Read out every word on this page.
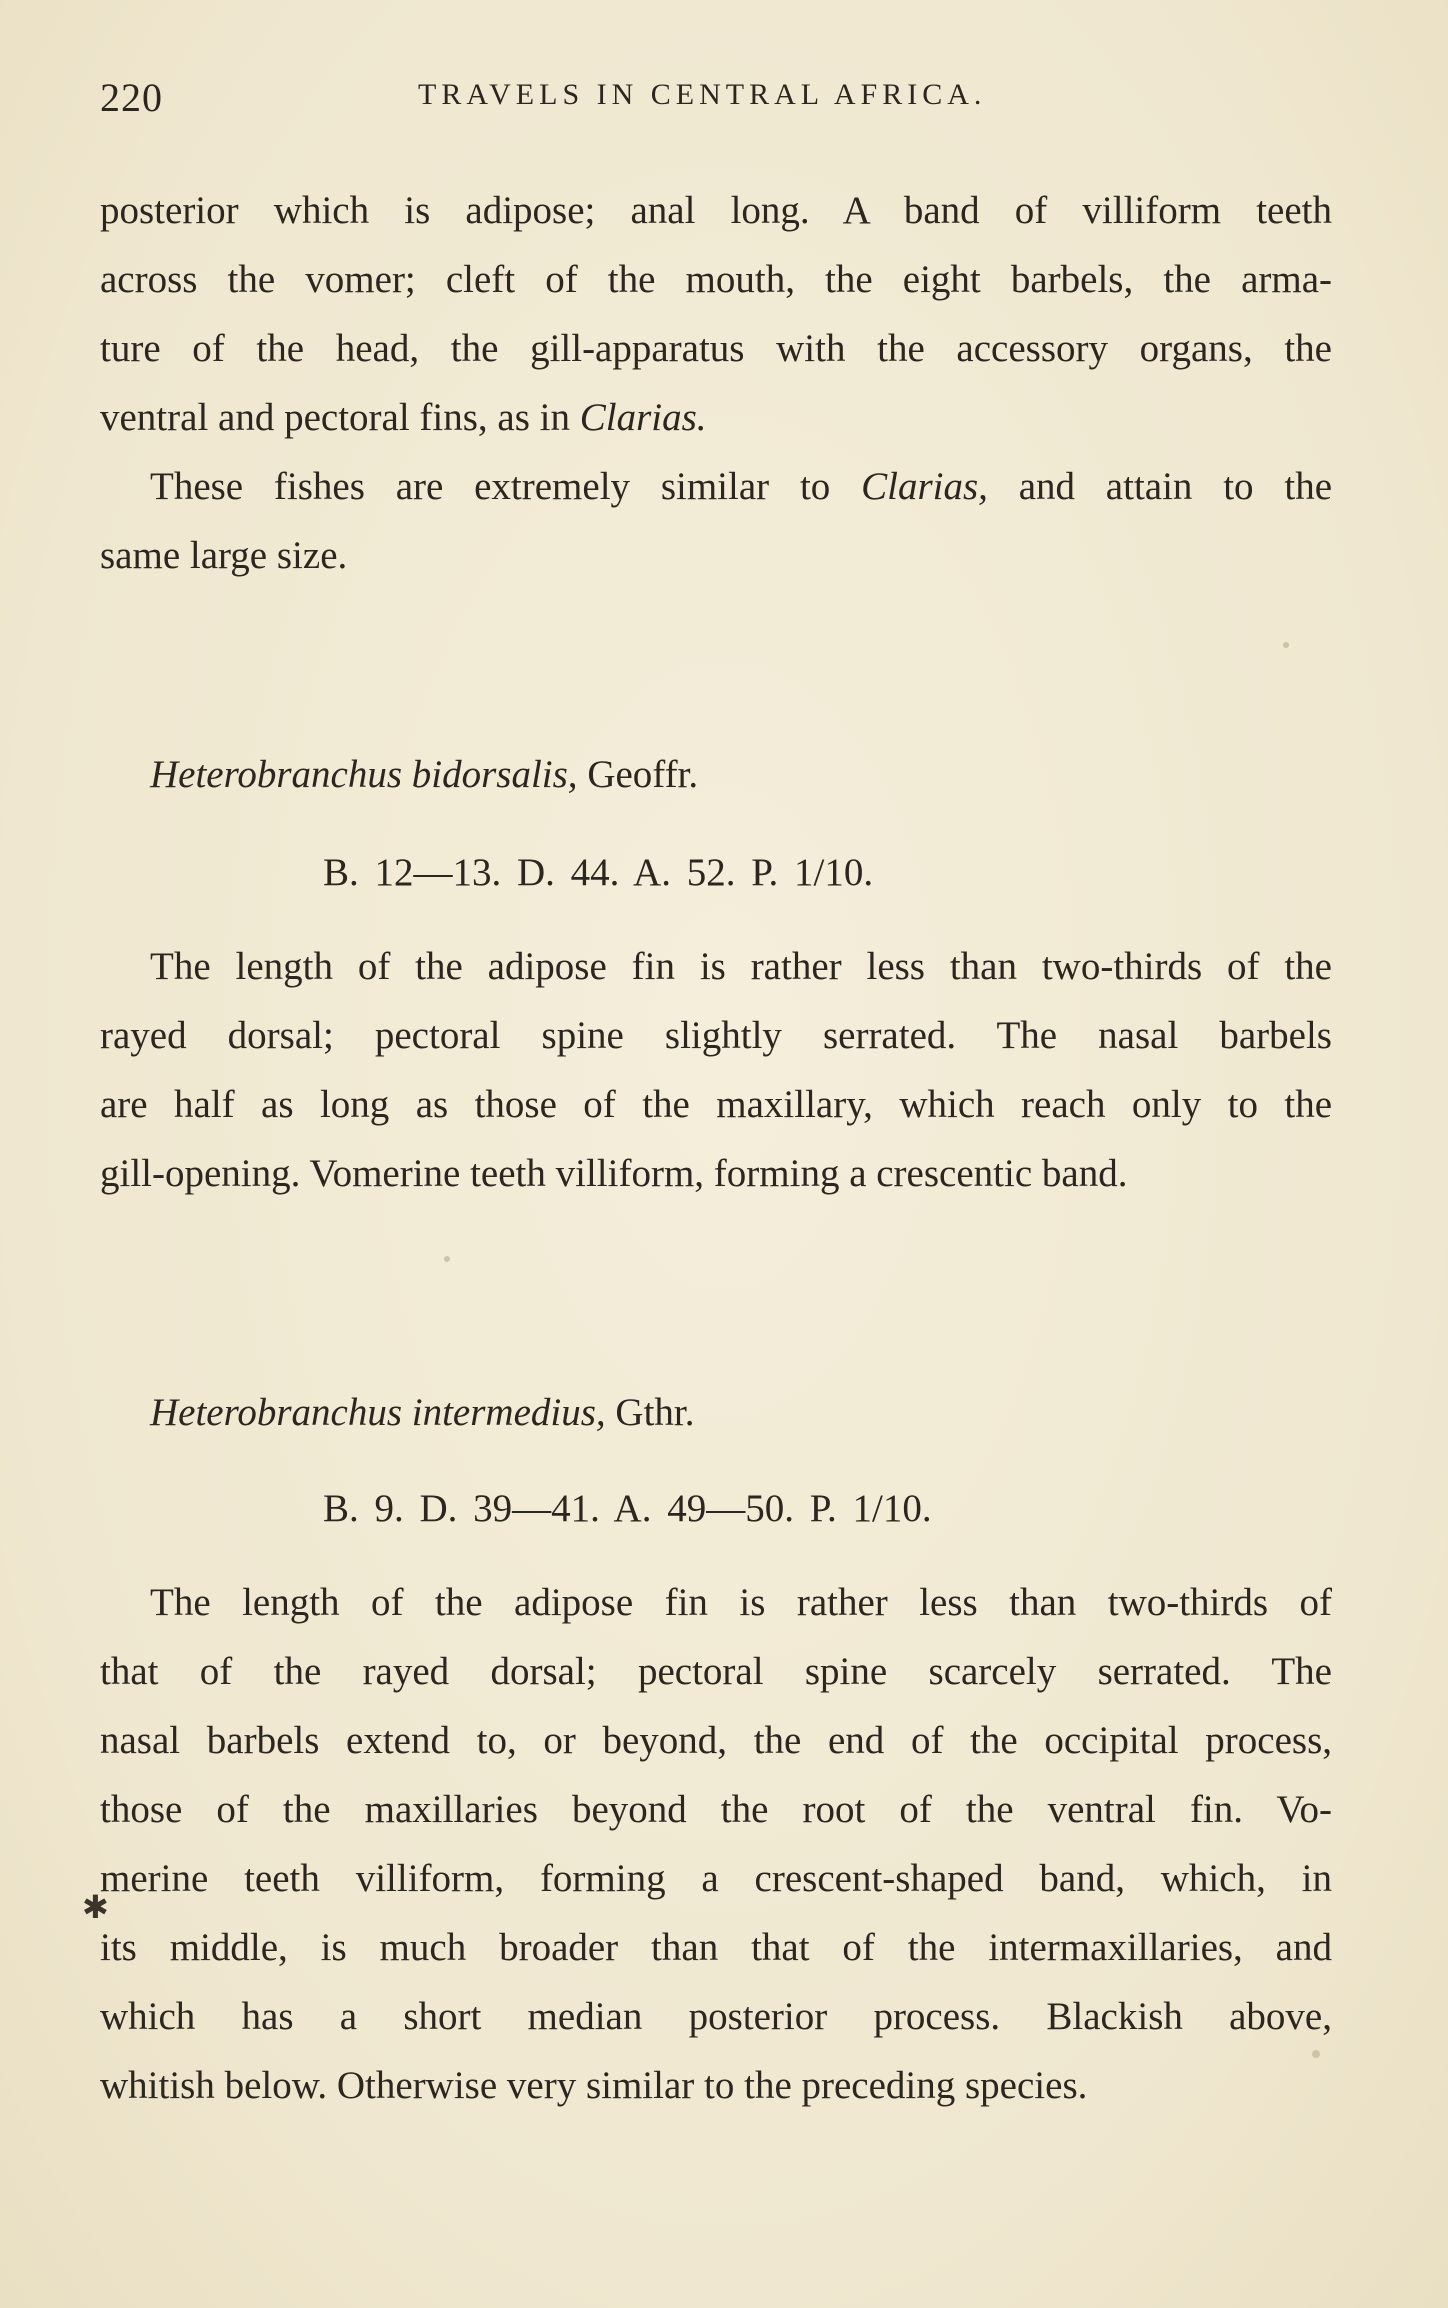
220	TRAVELS IN CENTRAL AFRICA.
posterior which is adipose; anal long. A band of villiform teeth
across the vomer; cleft of the mouth, the eight barbels, the arma-
ture of the head, the gill-apparatus with the accessory organs, the
ventral and pectoral fins, as in Clarias.
These fishes are extremely similar to Clarias, and attain to the
same large size.
Heterobranchus bidorsalis, Geoffr.
B. 12—13. D. 44. A. 52. P. 1/10.
The length of the adipose fin is rather less than two-thirds of the
rayed dorsal; pectoral spine slightly serrated. The nasal barbels
are half as long as those of the maxillary, which reach only to the
gill-opening. Vomerine teeth villiform, forming a crescentic band.
Heterobranchus intermedius, Gthr.
B. 9. D. 39—41. A. 49—50. P. 1/10.
The length of the adipose fin is rather less than two-thirds of
that of the rayed dorsal; pectoral spine scarcely serrated. The
nasal barbels extend to, or beyond, the end of the occipital process,
those of the maxillaries beyond the root of the ventral fin. Vo-
merine teeth villiform, forming a crescent-shaped band, which, in
its middle, is much broader than that of the intermaxillaries, and
which has a short median posterior process. Blackish above,
whitish below. Otherwise very similar to the preceding species.
✱
